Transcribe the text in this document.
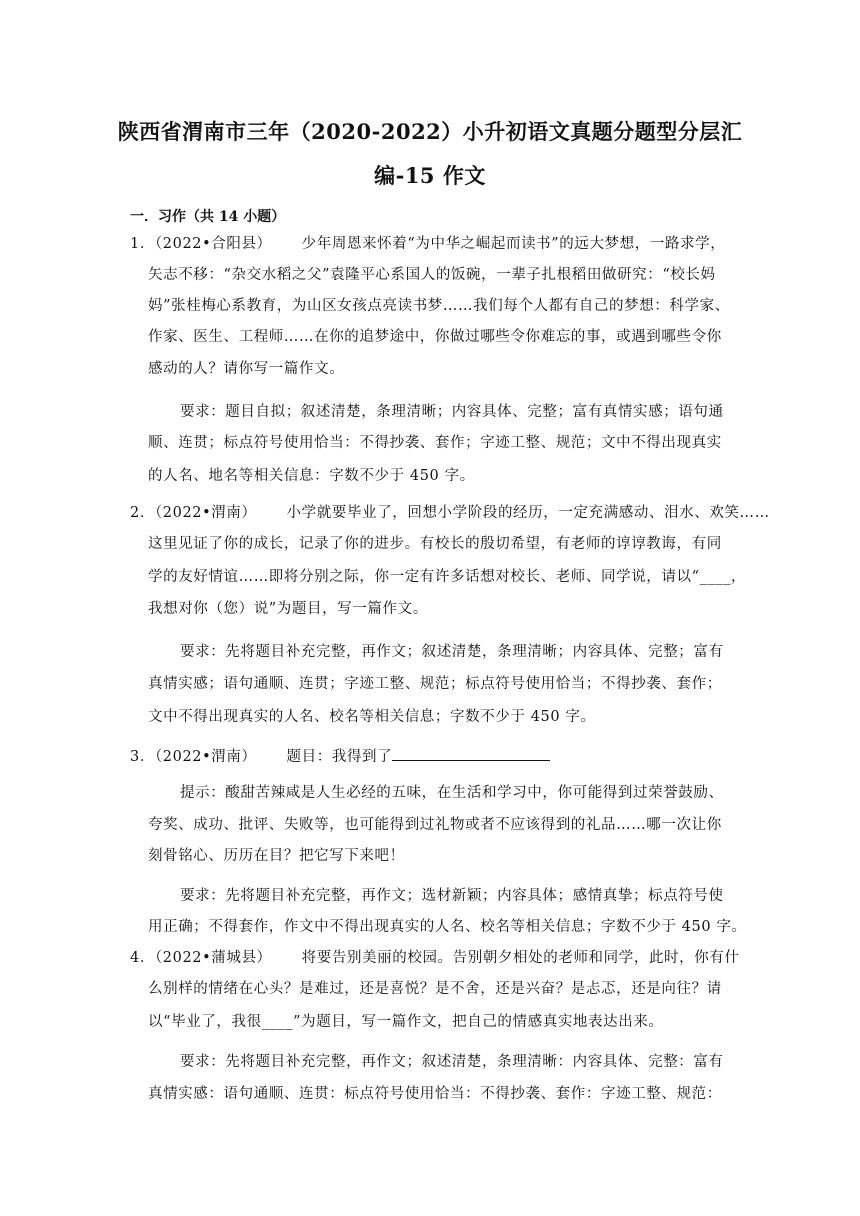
陕西省渭南市三年（2020-2022）小升初语文真题分题型分层汇
编-15 作文
一．习作（共 14 小题）
1．（2022•合阳县） 少年周恩来怀着“为中华之崛起而读书”的远大梦想，一路求学，
矢志不移：“杂交水稻之父”袁隆平心系国人的饭碗，一辈子扎根稻田做研究：“校长妈
妈”张桂梅心系教育，为山区女孩点亮读书梦……我们每个人都有自己的梦想：科学家、
作家、医生、工程师……在你的追梦途中，你做过哪些令你难忘的事，或遇到哪些令你
感动的人？请你写一篇作文。
要求：题目自拟；叙述清楚，条理清晰；内容具体、完整；富有真情实感；语句通
顺、连贯；标点符号使用恰当：不得抄袭、套作；字迹工整、规范；文中不得出现真实
的人名、地名等相关信息：字数不少于 450 字。
2．（2022•渭南） 小学就要毕业了，回想小学阶段的经历，一定充满感动、泪水、欢笑……
这里见证了你的成长，记录了你的进步。有校长的殷切希望，有老师的谆谆教诲，有同
学的友好情谊……即将分别之际，你一定有许多话想对校长、老师、同学说，请以“____，
我想对你（您）说”为题目，写一篇作文。
要求：先将题目补充完整，再作文；叙述清楚，条理清晰；内容具体、完整；富有
真情实感；语句通顺、连贯；字迹工整、规范；标点符号使用恰当；不得抄袭、套作；
文中不得出现真实的人名、校名等相关信息；字数不少于 450 字。
3．（2022•渭南） 题目：我得到了
提示：酸甜苦辣咸是人生必经的五味，在生活和学习中，你可能得到过荣誉鼓励、
夸奖、成功、批评、失败等，也可能得到过礼物或者不应该得到的礼品……哪一次让你
刻骨铭心、历历在目？把它写下来吧！
要求：先将题目补充完整，再作文；选材新颖；内容具体；感情真挚；标点符号使
用正确；不得套作，作文中不得出现真实的人名、校名等相关信息；字数不少于 450 字。
4．（2022•蒲城县） 将要告别美丽的校园。告别朝夕相处的老师和同学，此时，你有什
么别样的情绪在心头？是难过，还是喜悦？是不舍，还是兴奋？是忐忑，还是向往？请
以“毕业了，我很____”为题目，写一篇作文，把自己的情感真实地表达出来。
要求：先将题目补充完整，再作文；叙述清楚，条理清晰：内容具体、完整：富有
真情实感：语句通顺、连贯：标点符号使用恰当：不得抄袭、套作：字迹工整、规范：
